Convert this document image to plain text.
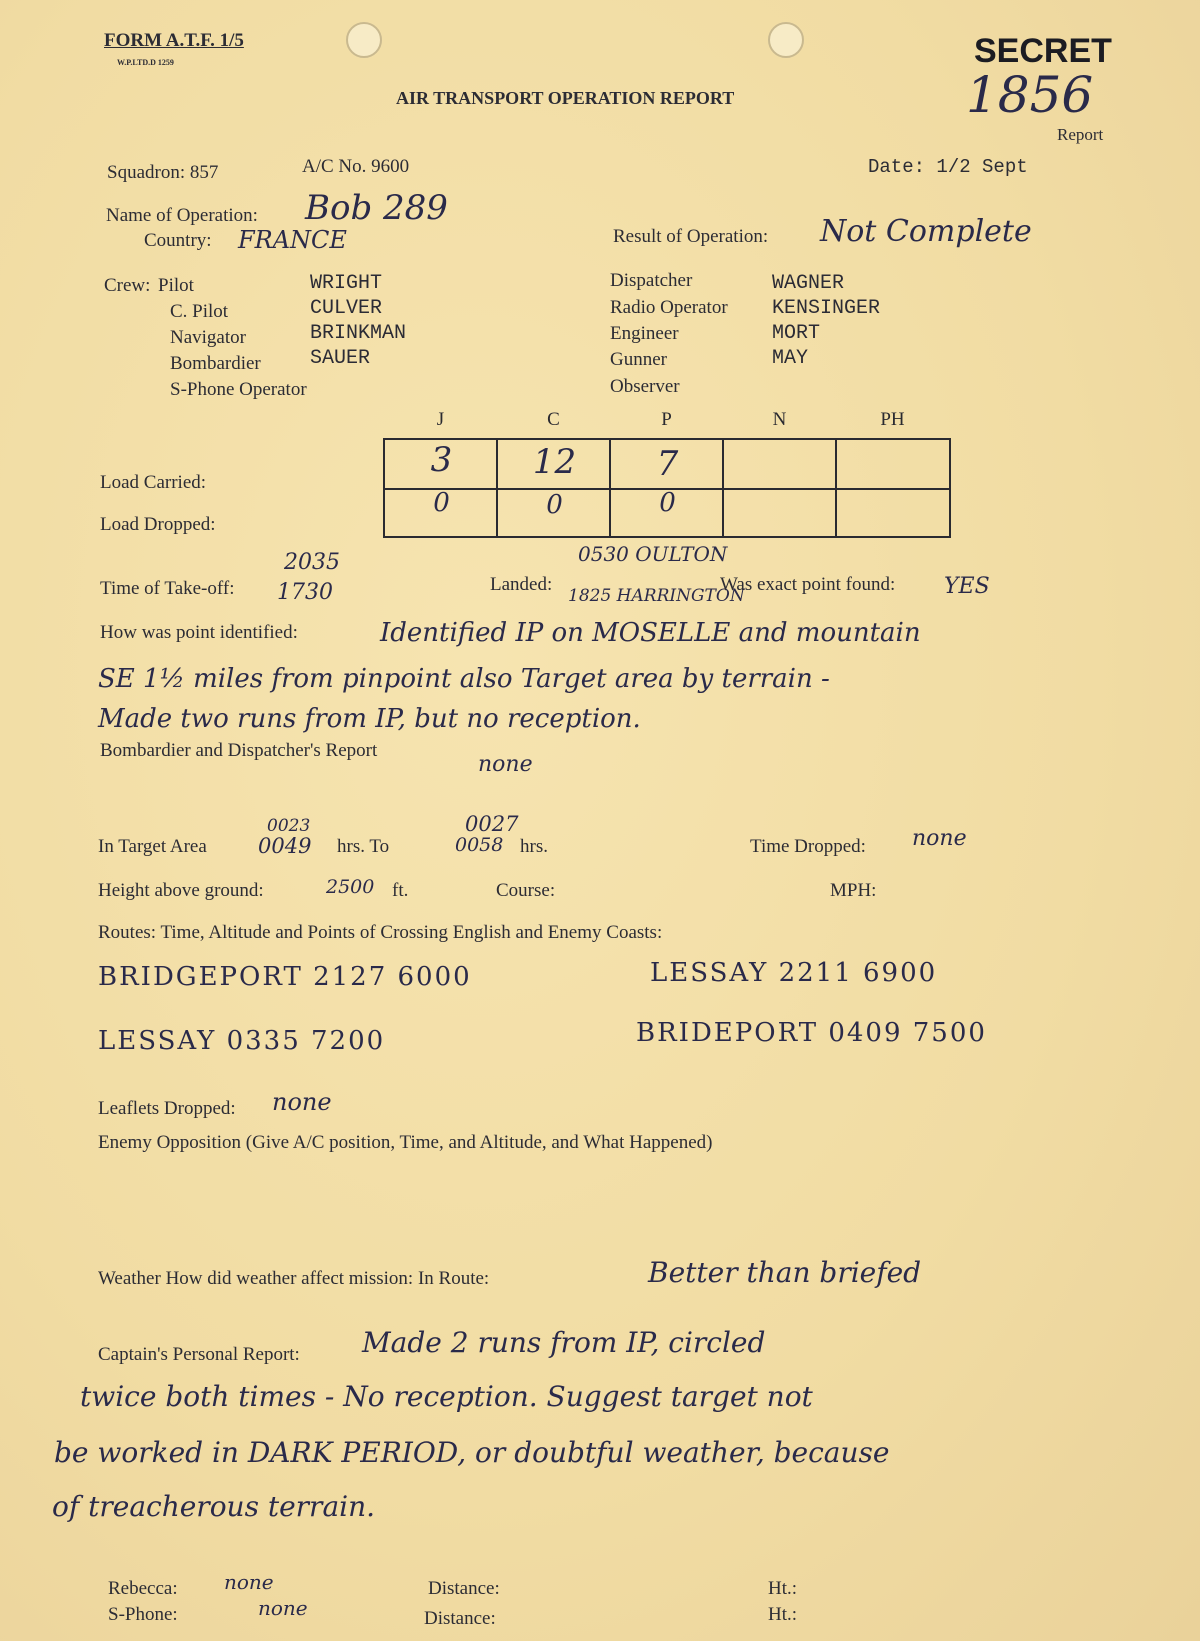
FORM A.T.F. 1/5
W.P.LTD.D 1259
AIR TRANSPORT OPERATION REPORT
SECRET
1856
Report
Squadron: 857	A/C No. 9600	Date: 1/2 Sept
Name of Operation: Bob 289
Country: FRANCE	Result of Operation: Not Complete
Crew: Pilot	WRIGHT
C. Pilot	CULVER
Navigator	BRINKMAN
Bombardier SAUER
S-Phone Operator
Dispatcher	WAGNER
Radio Operator KENSINGER
Engineer	MORT
Gunner	MAY
Observer
J	C	P	N	PH
Load Carried:
Load Dropped:
3	12	7
0	0	0
2035
Time of Take-off: 1730
0530 OULTON
Landed:
1825 HARRINGTON
Was exact point found: YES
How was point identified:	Identified IP on MOSELLE and mountain
SE 1½ miles from pinpoint also Target area by terrain -
Made two runs from IP, but no reception.
Bombardier and Dispatcher's Report
none
In Target Area
0023
0049 hrs. To
0027
0058 hrs.	Time Dropped: none
Height above ground:	2500 ft.	Course:	MPH:
Routes: Time, Altitude and Points of Crossing English and Enemy Coasts:
BRIDGEPORT 2127 6000	LESSAY 2211 6900
LESSAY 0335 7200	BRIDEPORT 0409 7500
Leaflets Dropped: none
Enemy Opposition (Give A/C position, Time, and Altitude, and What Happened)
Weather How did weather affect mission: In Route:	Better than briefed
Captain's Personal Report: Made 2 runs from IP, circled
twice both times - No reception. Suggest target not
be worked in DARK PERIOD, or doubtful weather, because
of treacherous terrain.
Rebecca: none
S-Phone:	none
Distance:
Distance:
Ht.:
Ht.:
